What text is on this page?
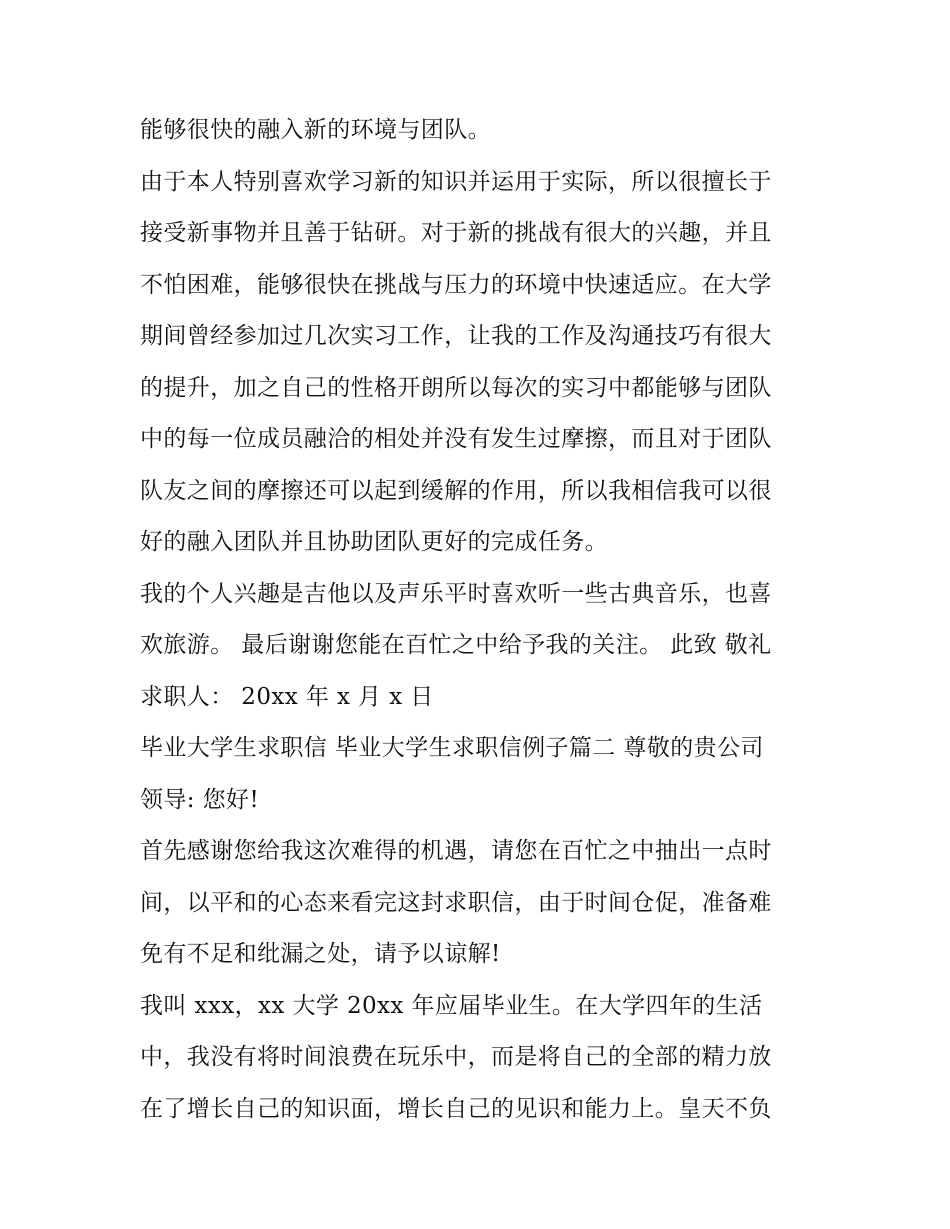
能够很快的融入新的环境与团队。
由于本人特别喜欢学习新的知识并运用于实际，所以很擅长于
接受新事物并且善于钻研。对于新的挑战有很大的兴趣，并且
不怕困难，能够很快在挑战与压力的环境中快速适应。在大学
期间曾经参加过几次实习工作，让我的工作及沟通技巧有很大
的提升，加之自己的性格开朗所以每次的实习中都能够与团队
中的每一位成员融洽的相处并没有发生过摩擦，而且对于团队
队友之间的摩擦还可以起到缓解的作用，所以我相信我可以很
好的融入团队并且协助团队更好的完成任务。
我的个人兴趣是吉他以及声乐平时喜欢听一些古典音乐，也喜
欢旅游。 最后谢谢您能在百忙之中给予我的关注。 此致 敬礼
求职人： 20xx 年 x 月 x 日
毕业大学生求职信 毕业大学生求职信例子篇二 尊敬的贵公司
领导: 您好!
首先感谢您给我这次难得的机遇，请您在百忙之中抽出一点时
间，以平和的心态来看完这封求职信，由于时间仓促，准备难
免有不足和纰漏之处，请予以谅解!
我叫 xxx，xx 大学 20xx 年应届毕业生。在大学四年的生活
中，我没有将时间浪费在玩乐中，而是将自己的全部的精力放
在了增长自己的知识面，增长自己的见识和能力上。皇天不负
